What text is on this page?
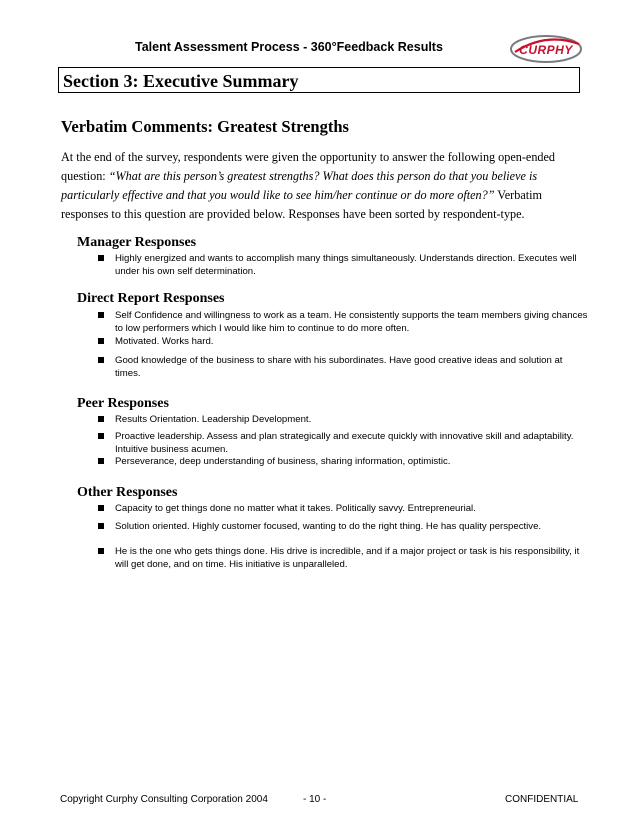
Talent Assessment Process - 360°Feedback Results	CURPHY
Section 3: Executive Summary
Verbatim Comments: Greatest Strengths
At the end of the survey, respondents were given the opportunity to answer the following open-ended question: “What are this person’s greatest strengths? What does this person do that you believe is particularly effective and that you would like to see him/her continue or do more often?” Verbatim responses to this question are provided below. Responses have been sorted by respondent-type.
Manager Responses
Highly energized and wants to accomplish many things simultaneously. Understands direction. Executes well under his own self determination.
Direct Report Responses
Self Confidence and willingness to work as a team. He consistently supports the team members giving chances to low performers which I would like him to continue to do more often.
Motivated. Works hard.
Good knowledge of the business to share with his subordinates. Have good creative ideas and solution at times.
Peer Responses
Results Orientation. Leadership Development.
Proactive leadership. Assess and plan strategically and execute quickly with innovative skill and adaptability. Intuitive business acumen.
Perseverance, deep understanding of business, sharing information, optimistic.
Other Responses
Capacity to get things done no matter what it takes. Politically savvy. Entrepreneurial.
Solution oriented. Highly customer focused, wanting to do the right thing. He has quality perspective.
He is the one who gets things done. His drive is incredible, and if a major project or task is his responsibility, it will get done, and on time. His initiative is unparalleled.
Copyright Curphy Consulting Corporation 2004	- 10 -	CONFIDENTIAL
